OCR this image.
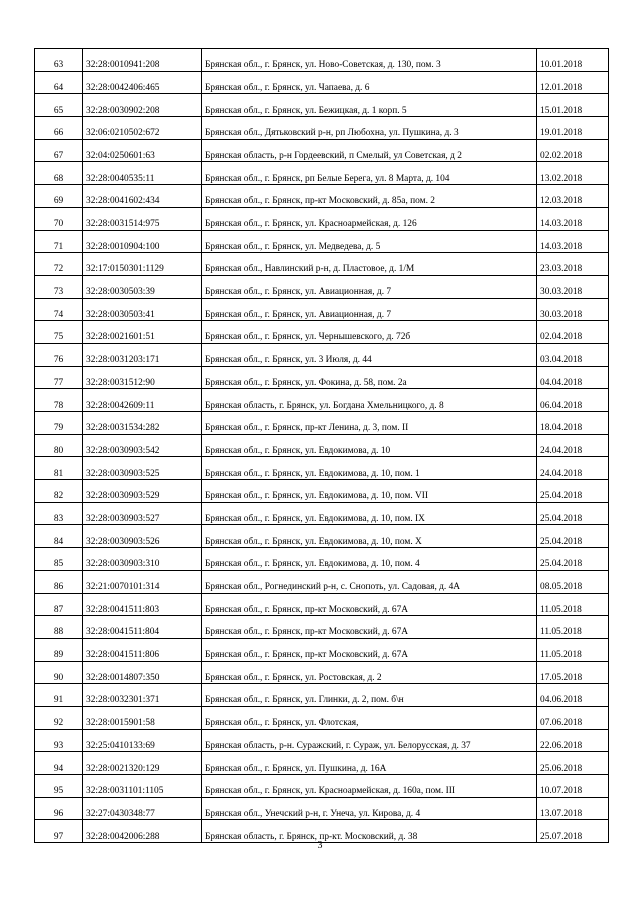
63	32:28:0010941:208	Брянская обл., г. Брянск, ул. Ново-Советская, д. 130, пом. 3	10.01.2018
64	32:28:0042406:465	Брянская обл., г. Брянск, ул. Чапаева, д. 6	12.01.2018
65	32:28:0030902:208	Брянская обл., г. Брянск, ул. Бежицкая, д. 1 корп. 5	15.01.2018
66	32:06:0210502:672	Брянская обл., Дятьковский р-н, рп Любохна, ул. Пушкина, д. 3	19.01.2018
67	32:04:0250601:63	Брянская область, р-н Гордеевский, п Смелый, ул Советская, д 2	02.02.2018
68	32:28:0040535:11	Брянская обл., г. Брянск, рп Белые Берега, ул. 8 Марта, д. 104	13.02.2018
69	32:28:0041602:434	Брянская обл., г. Брянск, пр-кт Московский, д. 85а, пом. 2	12.03.2018
70	32:28:0031514:975	Брянская обл., г. Брянск, ул. Красноармейская, д. 126	14.03.2018
71	32:28:0010904:100	Брянская обл., г. Брянск, ул. Медведева, д. 5	14.03.2018
72	32:17:0150301:1129	Брянская обл., Навлинский р-н, д. Пластовое, д. 1/М	23.03.2018
73	32:28:0030503:39	Брянская обл., г. Брянск, ул. Авиационная, д. 7	30.03.2018
74	32:28:0030503:41	Брянская обл., г. Брянск, ул. Авиационная, д. 7	30.03.2018
75	32:28:0021601:51	Брянская обл., г. Брянск, ул. Чернышевского, д. 72б	02.04.2018
76	32:28:0031203:171	Брянская обл., г. Брянск, ул. 3 Июля, д. 44	03.04.2018
77	32:28:0031512:90	Брянская обл., г. Брянск, ул. Фокина, д. 58, пом. 2а	04.04.2018
78	32:28:0042609:11	Брянская область, г. Брянск, ул. Богдана Хмельницкого, д. 8	06.04.2018
79	32:28:0031534:282	Брянская обл., г. Брянск, пр-кт Ленина, д. 3, пом. II	18.04.2018
80	32:28:0030903:542	Брянская обл., г. Брянск, ул. Евдокимова, д. 10	24.04.2018
81	32:28:0030903:525	Брянская обл., г. Брянск, ул. Евдокимова, д. 10, пом. 1	24.04.2018
82	32:28:0030903:529	Брянская обл., г. Брянск, ул. Евдокимова, д. 10, пом. VII	25.04.2018
83	32:28:0030903:527	Брянская обл., г. Брянск, ул. Евдокимова, д. 10, пом. IX	25.04.2018
84	32:28:0030903:526	Брянская обл., г. Брянск, ул. Евдокимова, д. 10, пом. X	25.04.2018
85	32:28:0030903:310	Брянская обл., г. Брянск, ул. Евдокимова, д. 10, пом. 4	25.04.2018
86	32:21:0070101:314	Брянская обл., Рогнединский р-н, с. Снопоть, ул. Садовая, д. 4А	08.05.2018
87	32:28:0041511:803	Брянская обл., г. Брянск, пр-кт Московский, д. 67А	11.05.2018
88	32:28:0041511:804	Брянская обл., г. Брянск, пр-кт Московский, д. 67А	11.05.2018
89	32:28:0041511:806	Брянская обл., г. Брянск, пр-кт Московский, д. 67А	11.05.2018
90	32:28:0014807:350	Брянская обл., г. Брянск, ул. Ростовская, д. 2	17.05.2018
91	32:28:0032301:371	Брянская обл., г. Брянск, ул. Глинки, д. 2, пом. б\н	04.06.2018
92	32:28:0015901:58	Брянская обл., г. Брянск, ул. Флотская,	07.06.2018
93	32:25:0410133:69	Брянская область, р-н. Суражский, г. Сураж, ул. Белорусская, д. 37	22.06.2018
94	32:28:0021320:129	Брянская обл., г. Брянск, ул. Пушкина, д. 16А	25.06.2018
95	32:28:0031101:1105	Брянская обл., г. Брянск, ул. Красноармейская, д. 160а, пом. III	10.07.2018
96	32:27:0430348:77	Брянская обл., Унечский р-н, г. Унеча, ул. Кирова, д. 4	13.07.2018
97	32:28:0042006:288	Брянская область, г. Брянск, пр-кт. Московский, д. 38	25.07.2018
3
